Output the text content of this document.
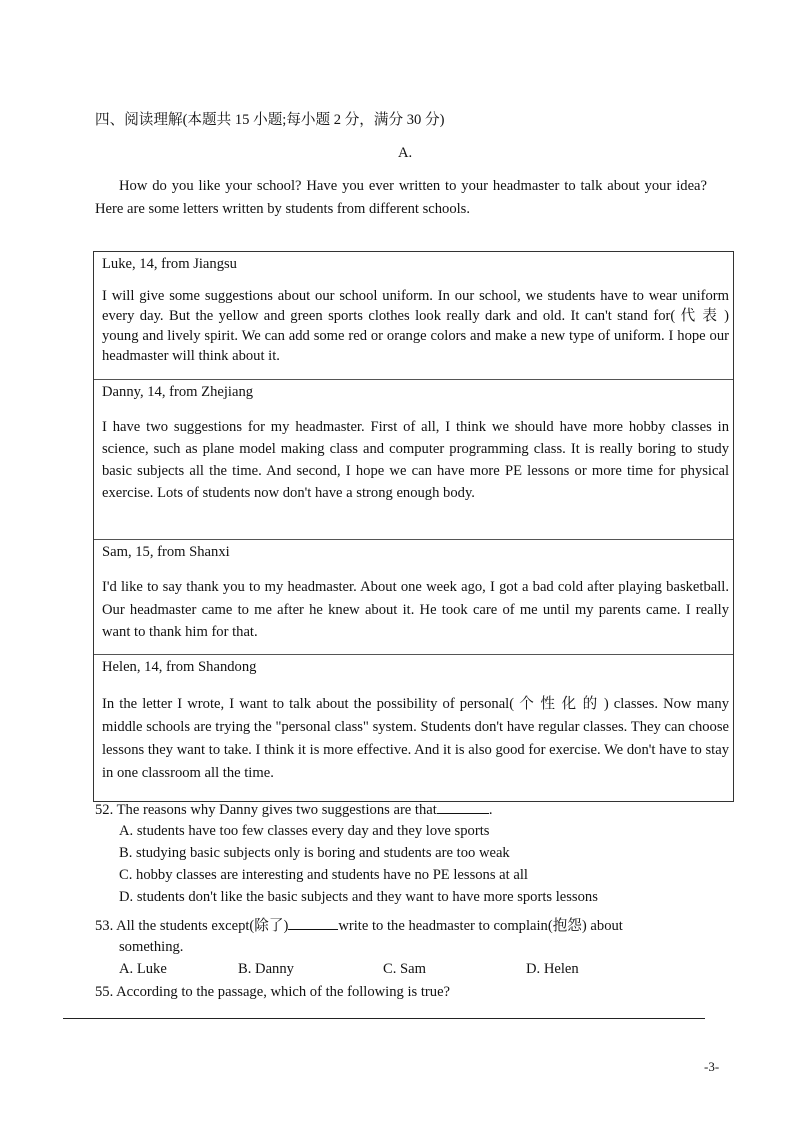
四、阅读理解(本题共 15 小题;每小题 2 分，满分 30 分)
A.
How do you like your school? Have you ever written to your headmaster to talk about your idea? Here are some letters written by students from different schools.
Luke, 14, from Jiangsu
I will give some suggestions about our school uniform. In our school, we students have to wear uniform every day. But the yellow and green sports clothes look really dark and old. It can't stand for( 代 表 ) young and lively spirit. We can add some red or orange colors and make a new type of uniform. I hope our headmaster will think about it.
Danny, 14, from Zhejiang
I have two suggestions for my headmaster. First of all, I think we should have more hobby classes in science, such as plane model making class and computer programming class. It is really boring to study basic subjects all the time. And second, I hope we can have more PE lessons or more time for physical exercise. Lots of students now don't have a strong enough body.
Sam, 15, from Shanxi
I'd like to say thank you to my headmaster. About one week ago, I got a bad cold after playing basketball. Our headmaster came to me after he knew about it. He took care of me until my parents came. I really want to thank him for that.
Helen, 14, from Shandong
In the letter I wrote, I want to talk about the possibility of personal( 个 性 化 的 ) classes. Now many middle schools are trying the "personal class" system. Students don't have regular classes. They can choose lessons they want to take. I think it is more effective. And it is also good for exercise. We don't have to stay in one classroom all the time.
52. The reasons why Danny gives two suggestions are that	.
A. students have too few classes every day and they love sports
B. studying basic subjects only is boring and students are too weak
C. hobby classes are interesting and students have no PE lessons at all
D. students don't like the basic subjects and they want to have more sports lessons
53. All the students except(除了)	write to the headmaster to complain(抱怨) about
something.
A. Luke	B. Danny	C. Sam	D. Helen
55. According to the passage, which of the following is true?
-3-
